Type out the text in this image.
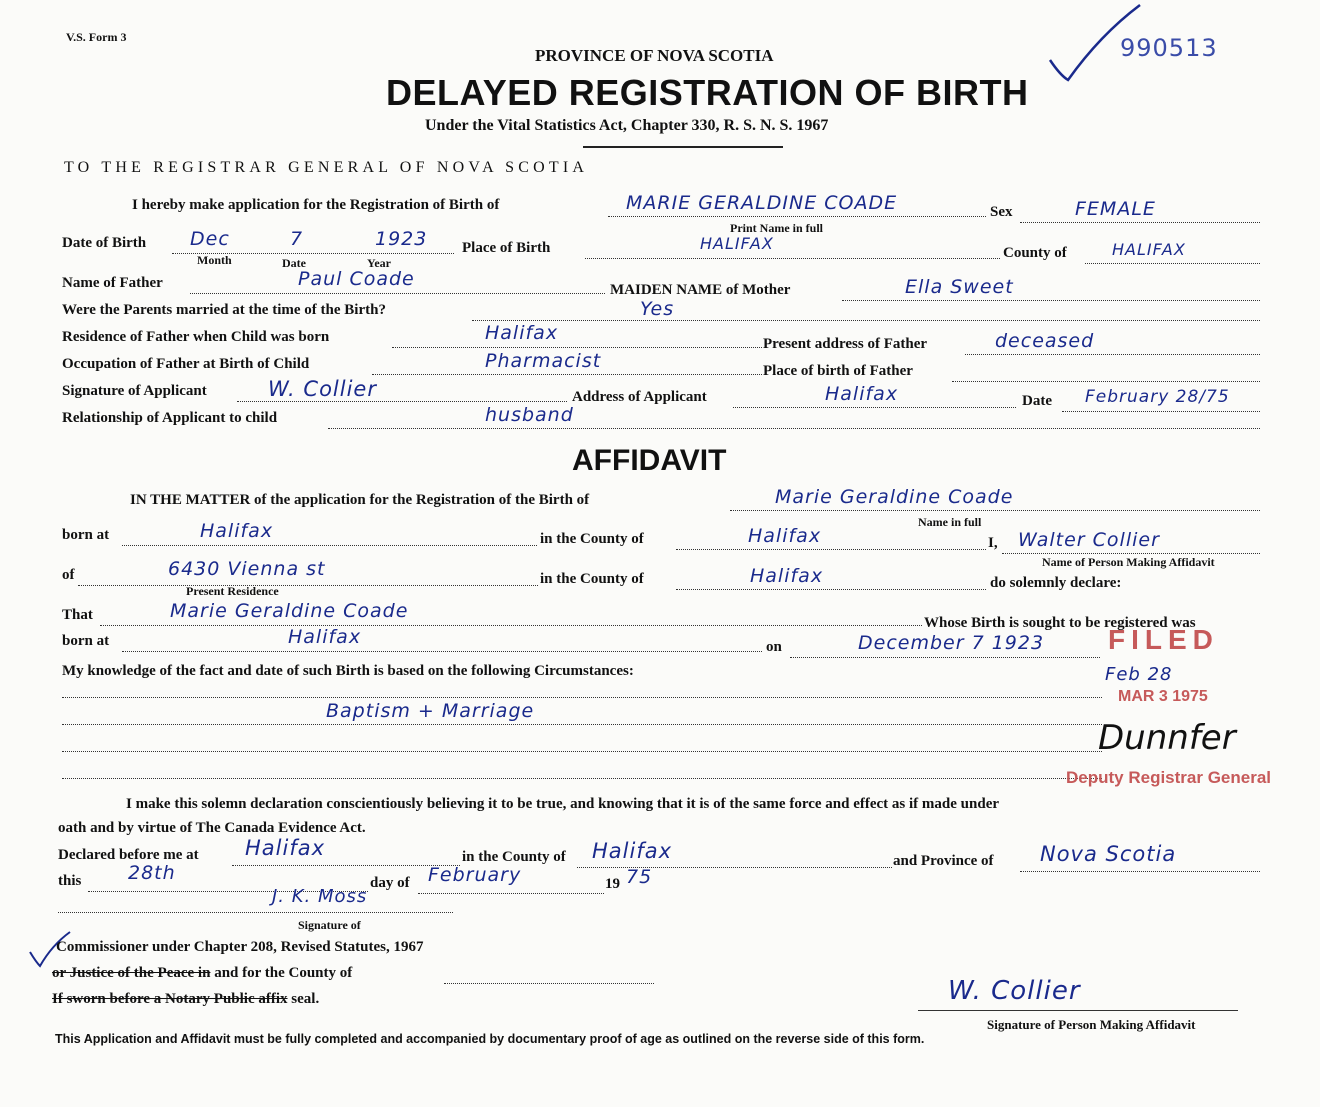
V.S. Form 3	990513
PROVINCE OF NOVA SCOTIA
DELAYED REGISTRATION OF BIRTH
Under the Vital Statistics Act, Chapter 330, R. S. N. S. 1967
TO THE REGISTRAR GENERAL OF NOVA SCOTIA
I hereby make application for the Registration of Birth of	MARIE GERALDINE COADE
Print Name in full
Sex	FEMALE
Date of Birth Dec	7	1923
Month	Date	Year
Place of Birth	HALIFAX	County of	HALIFAX
Name of Father	Paul Coade	MAIDEN NAME of Mother	Ella Sweet
Were the Parents married at the time of the Birth?	Yes
Residence of Father when Child was born	Halifax	Present address of Father	deceased
Occupation of Father at Birth of Child	Pharmacist	Place of birth of Father
Signature of Applicant	W. Collier	Address of Applicant	Halifax	Date February 28/75
Relationship of Applicant to child	husband
AFFIDAVIT
IN THE MATTER of the application for the Registration of the Birth of	Marie Geraldine Coade
Name in full
born at	Halifax	in the County of	Halifax	I, Walter Collier
Name of Person Making Affidavit
of	6430 Vienna st
Present Residence
in the County of	Halifax	do solemnly declare:
That	Marie Geraldine Coade
Whose Birth is sought to be registered was
born at	Halifax	on	December 7 1923 FILED
My knowledge of the fact and date of such Birth is based on the following Circumstances:
Baptism + Marriage
Feb 28
MAR 3 1975
Dunnfer
Deputy Registrar General
I make this solemn declaration conscientiously believing it to be true, and knowing that it is of the same force and effect as if made under
oath and by virtue of The Canada Evidence Act.
Declared before me at Halifax	in the County of Halifax	and Province of Nova Scotia
this 28th	day of February	19 75
J. K. Moss
Signature of
Commissioner under Chapter 208, Revised Statutes, 1967
or Justice of the Peace in and for the County of
If sworn before a Notary Public affix seal.	W. Collier
Signature of Person Making Affidavit
This Application and Affidavit must be fully completed and accompanied by documentary proof of age as outlined on the reverse side of this form.
